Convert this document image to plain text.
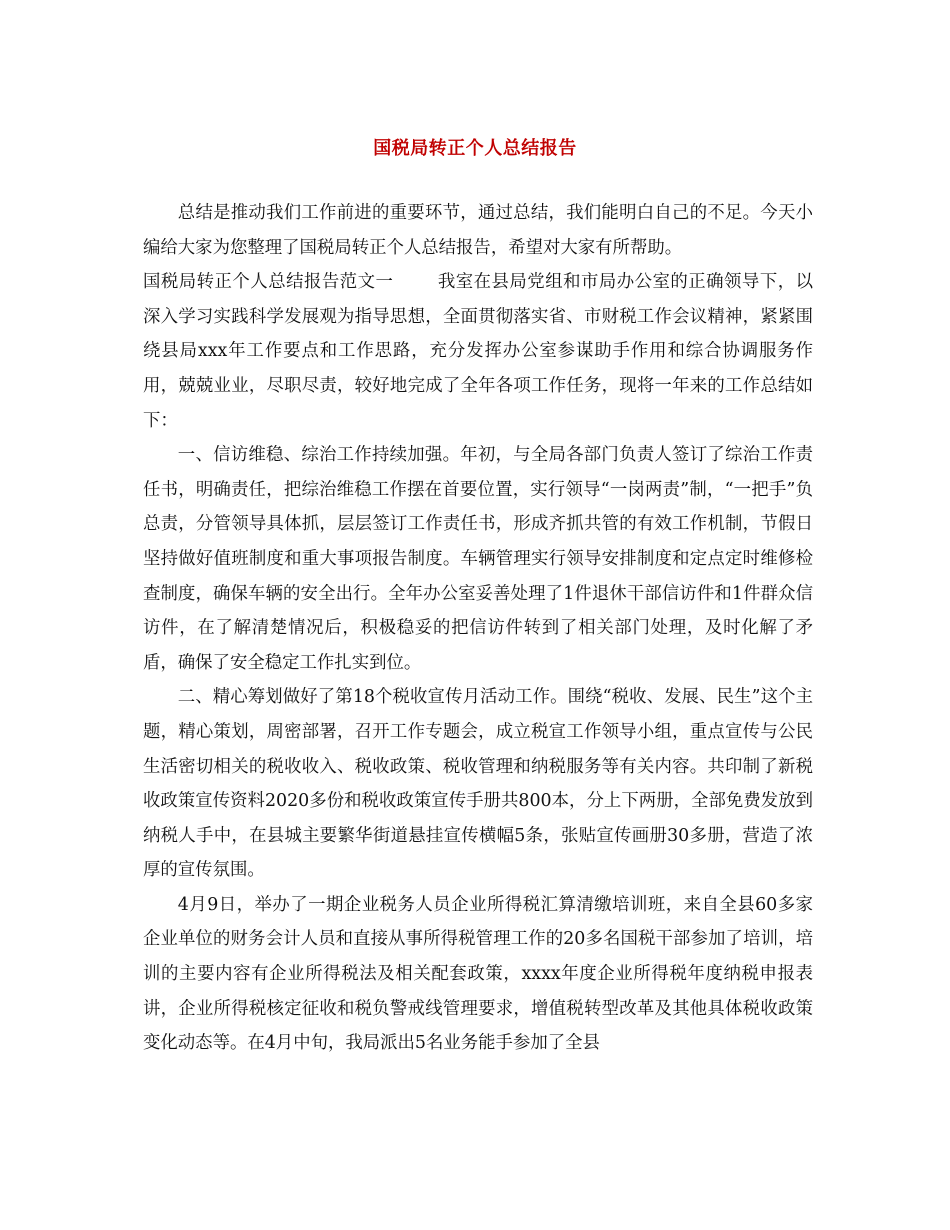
国税局转正个人总结报告

总结是推动我们工作前进的重要环节，通过总结，我们能明白自己的不足。今天小编给大家为您整理了国税局转正个人总结报告，希望对大家有所帮助。

国税局转正个人总结报告范文一	我室在县局党组和市局办公室的正确领导下，以深入学习实践科学发展观为指导思想，全面贯彻落实省、市财税工作会议精神，紧紧围绕县局xxx年工作要点和工作思路，充分发挥办公室参谋助手作用和综合协调服务作用，兢兢业业，尽职尽责，较好地完成了全年各项工作任务，现将一年来的工作总结如下：

一、信访维稳、综治工作持续加强。年初，与全局各部门负责人签订了综治工作责任书，明确责任，把综治维稳工作摆在首要位置，实行领导“一岗两责”制，“一把手”负总责，分管领导具体抓，层层签订工作责任书，形成齐抓共管的有效工作机制，节假日坚持做好值班制度和重大事项报告制度。车辆管理实行领导安排制度和定点定时维修检查制度，确保车辆的安全出行。全年办公室妥善处理了1件退休干部信访件和1件群众信访件，在了解清楚情况后，积极稳妥的把信访件转到了相关部门处理，及时化解了矛盾，确保了安全稳定工作扎实到位。

二、精心筹划做好了第18个税收宣传月活动工作。围绕“税收、发展、民生”这个主题，精心策划，周密部署，召开工作专题会，成立税宣工作领导小组，重点宣传与公民生活密切相关的税收收入、税收政策、税收管理和纳税服务等有关内容。共印制了新税收政策宣传资料2020多份和税收政策宣传手册共800本，分上下两册，全部免费发放到纳税人手中，在县城主要繁华街道悬挂宣传横幅5条，张贴宣传画册30多册，营造了浓厚的宣传氛围。

4月9日，举办了一期企业税务人员企业所得税汇算清缴培训班，来自全县60多家企业单位的财务会计人员和直接从事所得税管理工作的20多名国税干部参加了培训，培训的主要内容有企业所得税法及相关配套政策，xxxx年度企业所得税年度纳税申报表讲，企业所得税核定征收和税负警戒线管理要求，增值税转型改革及其他具体税收政策变化动态等。在4月中旬，我局派出5名业务能手参加了全县
